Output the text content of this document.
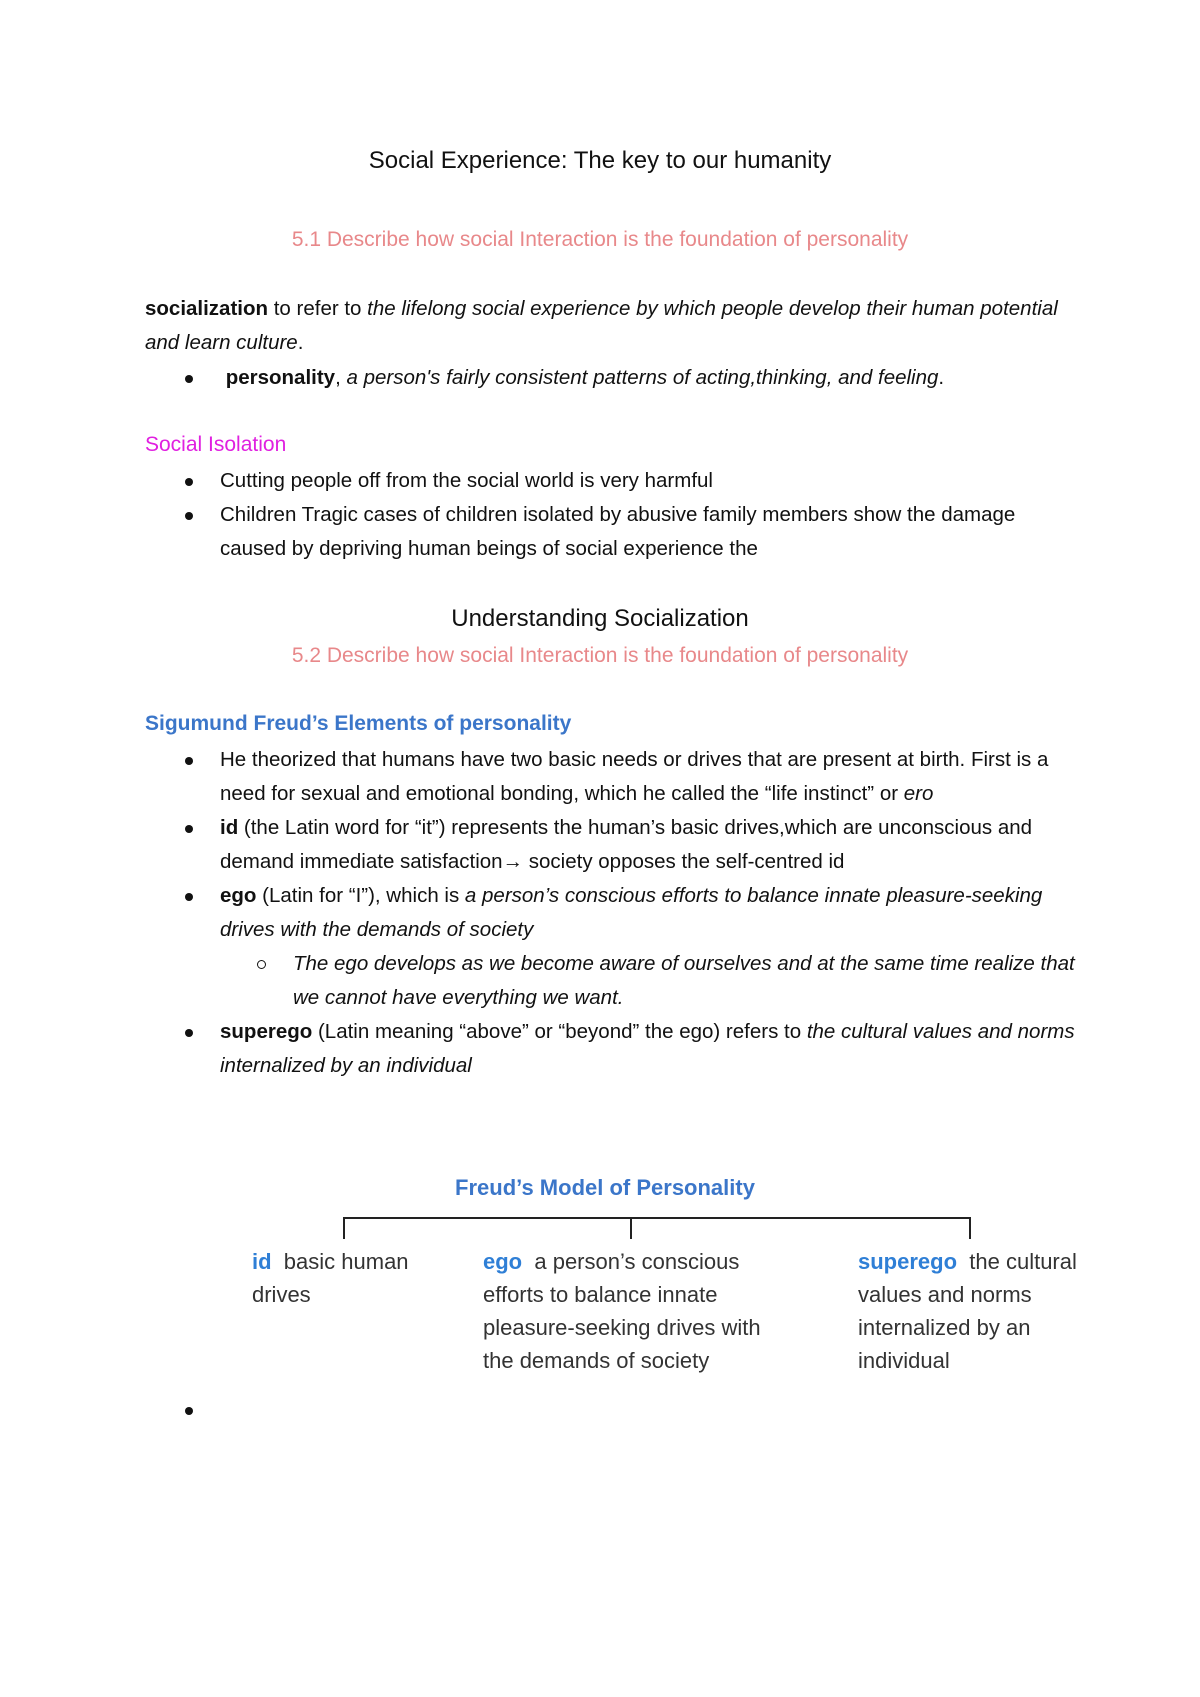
Social Experience: The key to our humanity
5.1 Describe how social Interaction is the foundation of personality
socialization to refer to the lifelong social experience by which people develop their human potential and learn culture.
personality, a person's fairly consistent patterns of acting,thinking, and feeling.
Social Isolation
Cutting people off from the social world is very harmful
Children Tragic cases of children isolated by abusive family members show the damage caused by depriving human beings of social experience the
Understanding Socialization
5.2 Describe how social Interaction is the foundation of personality
Sigumund Freud’s Elements of personality
He theorized that humans have two basic needs or drives that are present at birth. First is a need for sexual and emotional bonding, which he called the “life instinct” or ero
id (the Latin word for “it”) represents the human’s basic drives,which are unconscious and demand immediate satisfaction→ society opposes the self-centred id
ego (Latin for “I”), which is a person’s conscious efforts to balance innate pleasure-seeking drives with the demands of society
The ego develops as we become aware of ourselves and at the same time realize that we cannot have everything we want.
superego (Latin meaning “above” or “beyond” the ego) refers to the cultural values and norms internalized by an individual
Freud’s Model of Personality
id basic human
drives
ego a person’s conscious
efforts to balance innate
pleasure-seeking drives with
the demands of society
superego the cultural
values and norms
internalized by an
individual
